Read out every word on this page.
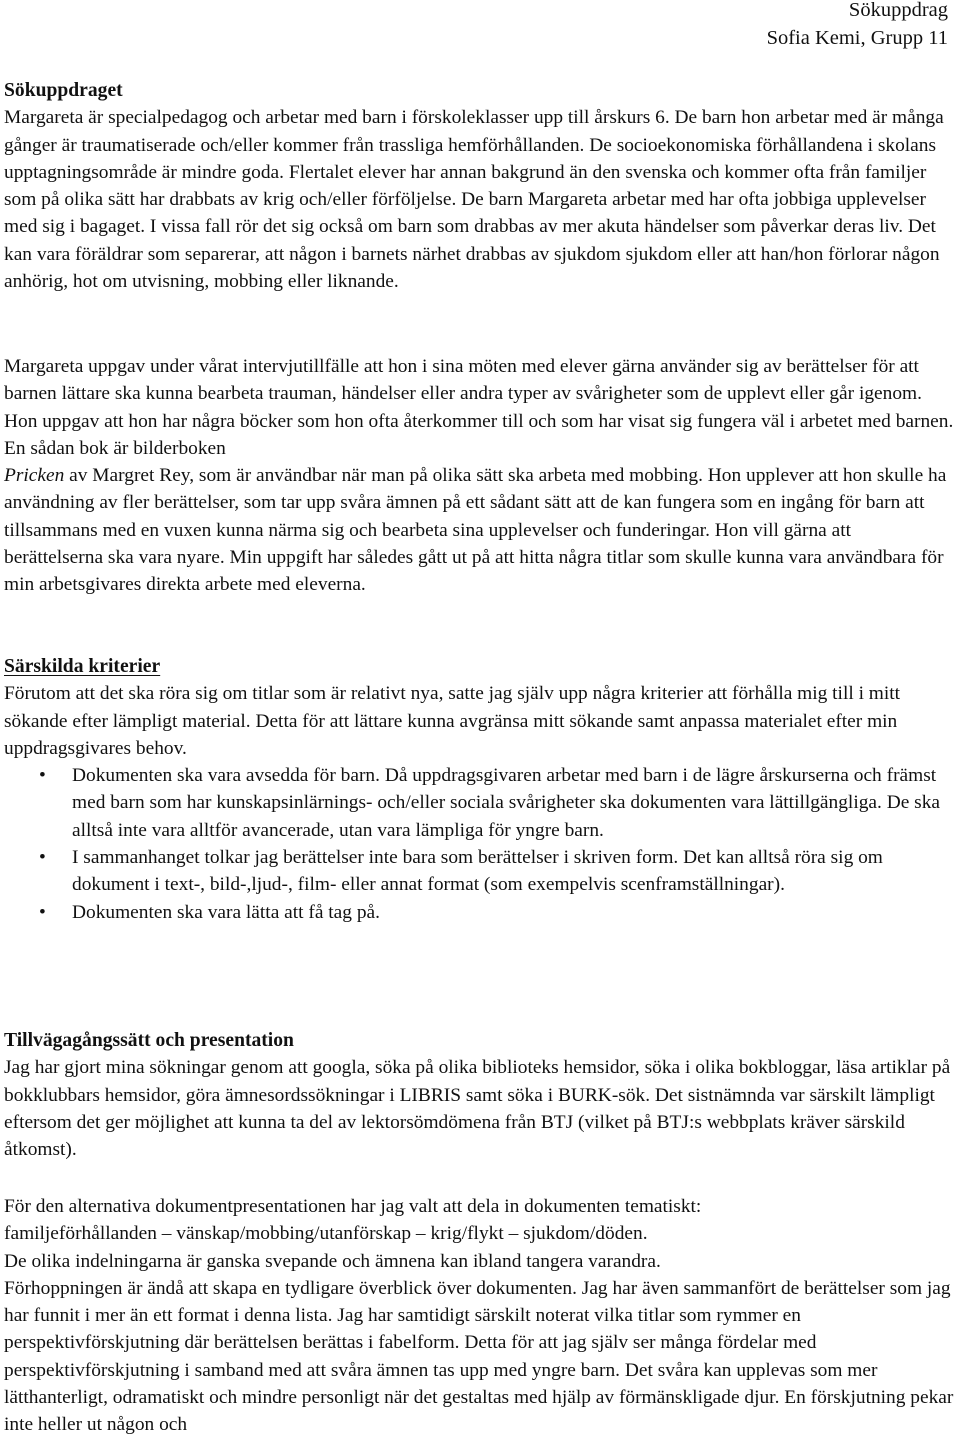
Sökuppdrag
Sofia Kemi, Grupp 11
Sökuppdraget

Margareta är specialpedagog och arbetar med barn i förskoleklasser upp till årskurs 6. De barn hon arbetar med är många gånger är traumatiserade och/eller kommer från trassliga hemförhållanden. De socioekonomiska förhållandena i skolans upptagningsområde är mindre goda. Flertalet elever har annan bakgrund än den svenska och kommer ofta från familjer som på olika sätt har drabbats av krig och/eller förföljelse. De barn Margareta arbetar med har ofta jobbiga upplevelser med sig i bagaget. I vissa fall rör det sig också om barn som drabbas av mer akuta händelser som påverkar deras liv. Det kan vara föräldrar som separerar, att någon i barnets närhet drabbas av sjukdom sjukdom eller att han/hon förlorar någon anhörig, hot om utvisning, mobbing eller liknande.

Margareta uppgav under vårat intervjutillfälle att hon i sina möten med elever gärna använder sig av berättelser för att barnen lättare ska kunna bearbeta trauman, händelser eller andra typer av svårigheter som de upplevt eller går igenom. Hon uppgav att hon har några böcker som hon ofta återkommer till och som har visat sig fungera väl i arbetet med barnen. En sådan bok är bilderboken
Pricken av Margret Rey, som är användbar när man på olika sätt ska arbeta med mobbing. Hon upplever att hon skulle ha användning av fler berättelser, som tar upp svåra ämnen på ett sådant sätt att de kan fungera som en ingång för barn att tillsammans med en vuxen kunna närma sig och bearbeta sina upplevelser och funderingar. Hon vill gärna att berättelserna ska vara nyare. Min uppgift har således gått ut på att hitta några titlar som skulle kunna vara användbara för min arbetsgivares direkta arbete med eleverna.

Särskilda kriterier

Förutom att det ska röra sig om titlar som är relativt nya, satte jag själv upp några kriterier att förhålla mig till i mitt sökande efter lämpligt material. Detta för att lättare kunna avgränsa mitt sökande samt anpassa materialet efter min uppdragsgivares behov.

• Dokumenten ska vara avsedda för barn. Då uppdragsgivaren arbetar med barn i de lägre årskurserna och främst med barn som har kunskapsinlärnings- och/eller sociala svårigheter ska dokumenten vara lättillgängliga. De ska alltså inte vara alltför avancerade, utan vara lämpliga för yngre barn.
• I sammanhanget tolkar jag berättelser inte bara som berättelser i skriven form. Det kan alltså röra sig om dokument i text-, bild-,ljud-, film- eller annat format (som exempelvis scenframställningar).
• Dokumenten ska vara lätta att få tag på.
Tillvägagångssätt och presentation

Jag har gjort mina sökningar genom att googla, söka på olika biblioteks hemsidor, söka i olika bokbloggar, läsa artiklar på bokklubbars hemsidor, göra ämnesordssökningar i LIBRIS samt söka i BURK-sök. Det sistnämnda var särskilt lämpligt eftersom det ger möjlighet att kunna ta del av lektorsömdömena från BTJ (vilket på BTJ:s webbplats kräver särskild åtkomst).

För den alternativa dokumentpresentationen har jag valt att dela in dokumenten tematiskt:

familjeförhållanden – vänskap/mobbing/utanförskap – krig/flykt – sjukdom/döden.

De olika indelningarna är ganska svepande och ämnena kan ibland tangera varandra.

Förhoppningen är ändå att skapa en tydligare överblick över dokumenten. Jag har även sammanfört de berättelser som jag har funnit i mer än ett format i denna lista. Jag har samtidigt särskilt noterat vilka titlar som rymmer en perspektivförskjutning där berättelsen berättas i fabelform. Detta för att jag själv ser många fördelar med perspektivförskjutning i samband med att svåra ämnen tas upp med yngre barn. Det svåra kan upplevas som mer lätthanterligt, odramatiskt och mindre personligt när det gestaltas med hjälp av förmänskligade djur. En förskjutning pekar inte heller ut någon och
